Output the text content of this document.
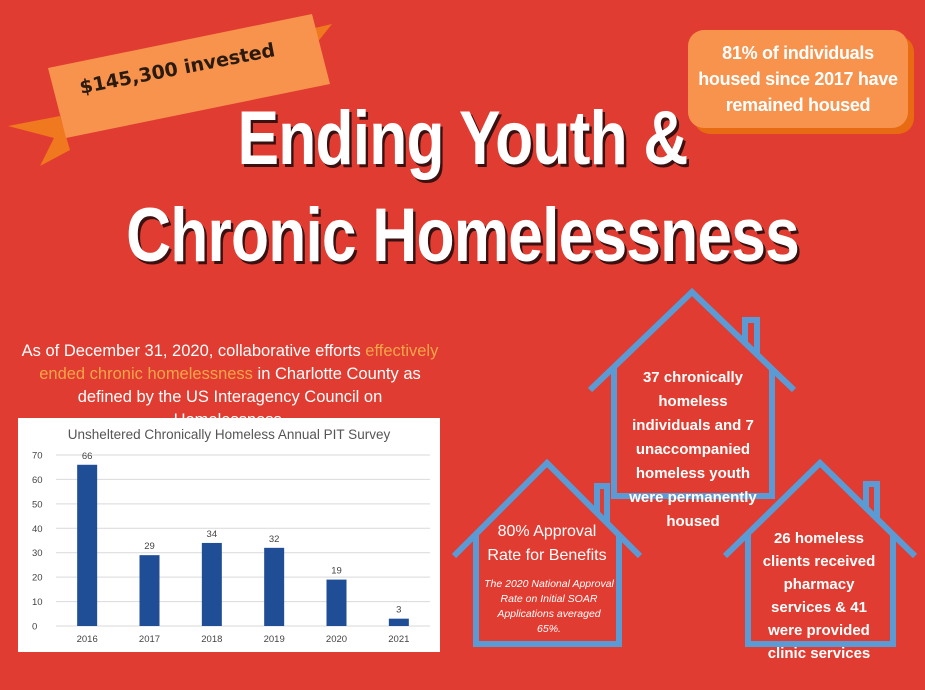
$145,300 invested	81% of individuals housed since 2017 have remained housed
Ending Youth &
Chronic Homelessness
As of December 31, 2020, collaborative efforts effectively ended chronic homelessness in Charlotte County as defined by the US Interagency Council on
Unsheltered Chronically Homeless Annual PIT Survey
0
10
20
30
40
50
60
70	66
2016
29
2017
34
2018
32
2019
19
2020
3
2021
37 chronically homeless individuals and 7 unaccompanied homeless youth were permanently housed
80% Approval Rate for Benefits
The 2020 National Approval Rate on Initial SOAR Applications averaged 65%.
26 homeless clients received pharmacy services & 41 were provided clinic services
